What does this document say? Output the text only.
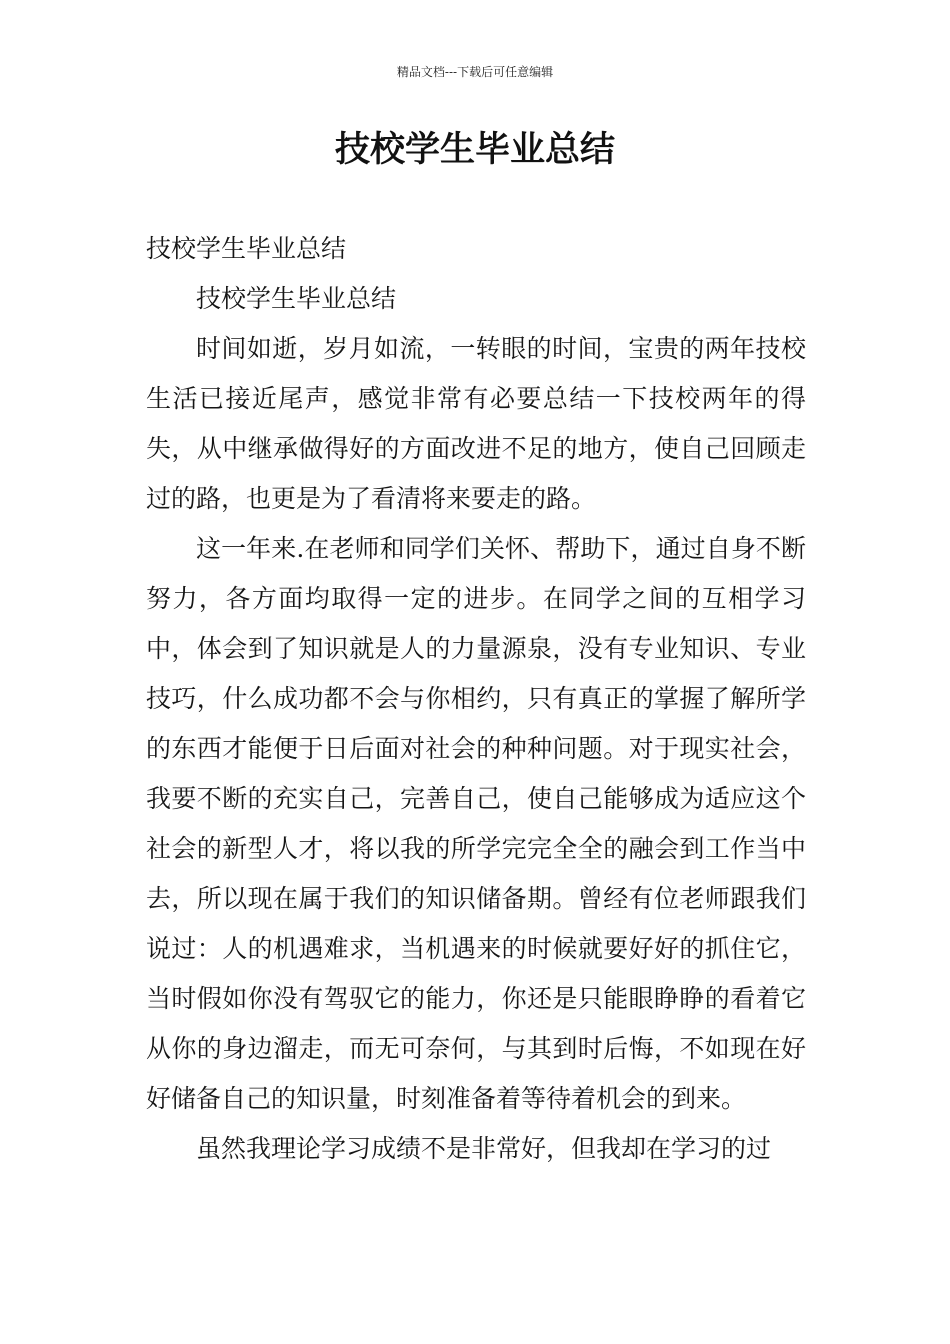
精品文档---下载后可任意编辑
技校学生毕业总结

技校学生毕业总结

技校学生毕业总结

时间如逝，岁月如流，一转眼的时间，宝贵的两年技校生活已接近尾声，感觉非常有必要总结一下技校两年的得失，从中继承做得好的方面改进不足的地方，使自己回顾走过的路，也更是为了看清将来要走的路。

这一年来.在老师和同学们关怀、帮助下，通过自身不断努力，各方面均取得一定的进步。在同学之间的互相学习中，体会到了知识就是人的力量源泉，没有专业知识、专业技巧，什么成功都不会与你相约，只有真正的掌握了解所学的东西才能便于日后面对社会的种种问题。对于现实社会，我要不断的充实自己，完善自己，使自己能够成为适应这个社会的新型人才，将以我的所学完完全全的融会到工作当中去，所以现在属于我们的知识储备期。曾经有位老师跟我们说过：人的机遇难求，当机遇来的时候就要好好的抓住它，当时假如你没有驾驭它的能力，你还是只能眼睁睁的看着它从你的身边溜走，而无可奈何，与其到时后悔，不如现在好好储备自己的知识量，时刻准备着等待着机会的到来。

虽然我理论学习成绩不是非常好，但我却在学习的过
